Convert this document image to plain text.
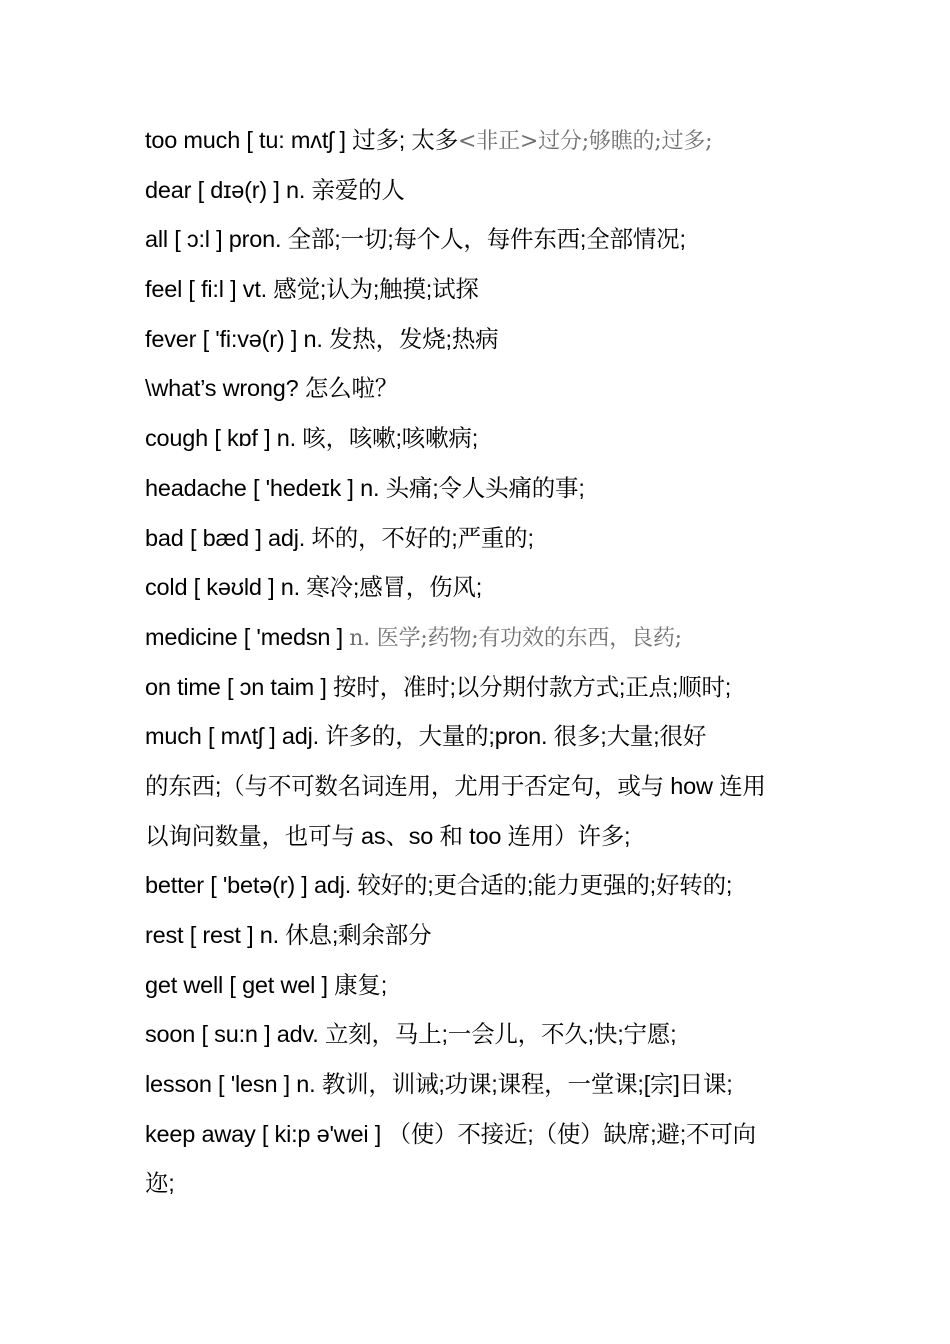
too much [ tu: mʌtʃ ] 过多; 太多<非正>过分;够瞧的;过多;
dear [ dɪə(r) ] n. 亲爱的人
all [ ɔ:l ] pron. 全部;一切;每个人，每件东西;全部情况;
feel [ fi:l ] vt. 感觉;认为;触摸;试探
fever [ 'fi:və(r) ] n. 发热，发烧;热病
\what’s wrong? 怎么啦？
cough [ kɒf ] n. 咳，咳嗽;咳嗽病;
headache [ 'hedeɪk ] n. 头痛;令人头痛的事;
bad [ bæd ] adj. 坏的，不好的;严重的;
cold [ kəʊld ] n. 寒冷;感冒，伤风;
medicine [ 'medsn ] n. 医学;药物;有功效的东西，良药;
on time [ ɔn taim ] 按时，准时;以分期付款方式;正点;顺时;
much [ mʌtʃ ] adj. 许多的，大量的;pron. 很多;大量;很好
的东西;（与不可数名词连用，尤用于否定句，或与 how 连用
以询问数量，也可与 as、so 和 too 连用）许多;
better [ 'betə(r) ] adj. 较好的;更合适的;能力更强的;好转的;
rest [ rest ] n. 休息;剩余部分
get well [ ɡet wel ] 康复;
soon [ su:n ] adv. 立刻，马上;一会儿，不久;快;宁愿;
lesson [ 'lesn ] n. 教训，训诫;功课;课程，一堂课;[宗]日课;
keep away [ ki:p ə'wei ] （使）不接近;（使）缺席;避;不可向
迩;
